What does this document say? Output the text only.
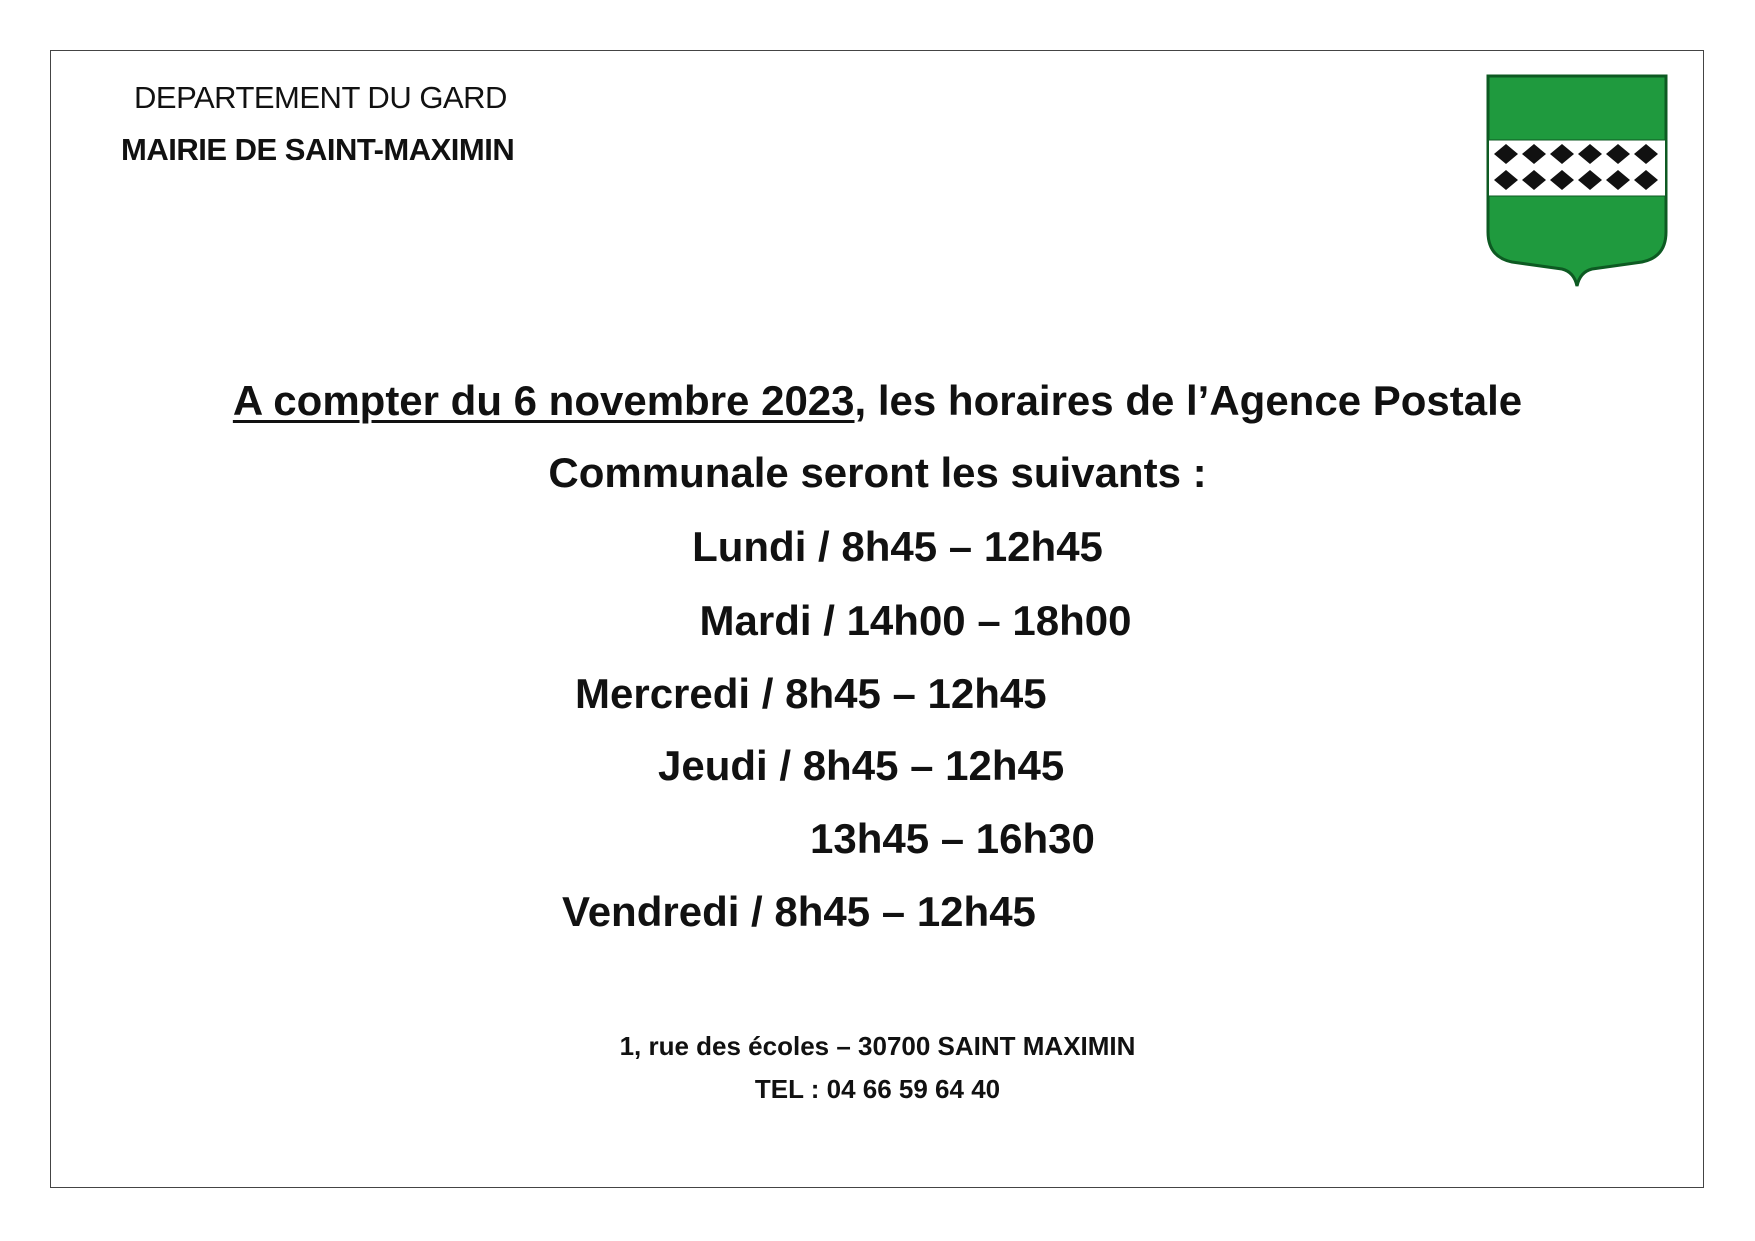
DEPARTEMENT DU GARD
MAIRIE DE SAINT-MAXIMIN
A compter du 6 novembre 2023, les horaires de l’Agence Postale
Communale seront les suivants :
Lundi / 8h45 – 12h45
Mardi / 14h00 – 18h00
Mercredi / 8h45 – 12h45
Jeudi / 8h45 – 12h45
13h45 – 16h30
Vendredi / 8h45 – 12h45
1, rue des écoles – 30700 SAINT MAXIMIN
TEL : 04 66 59 64 40
